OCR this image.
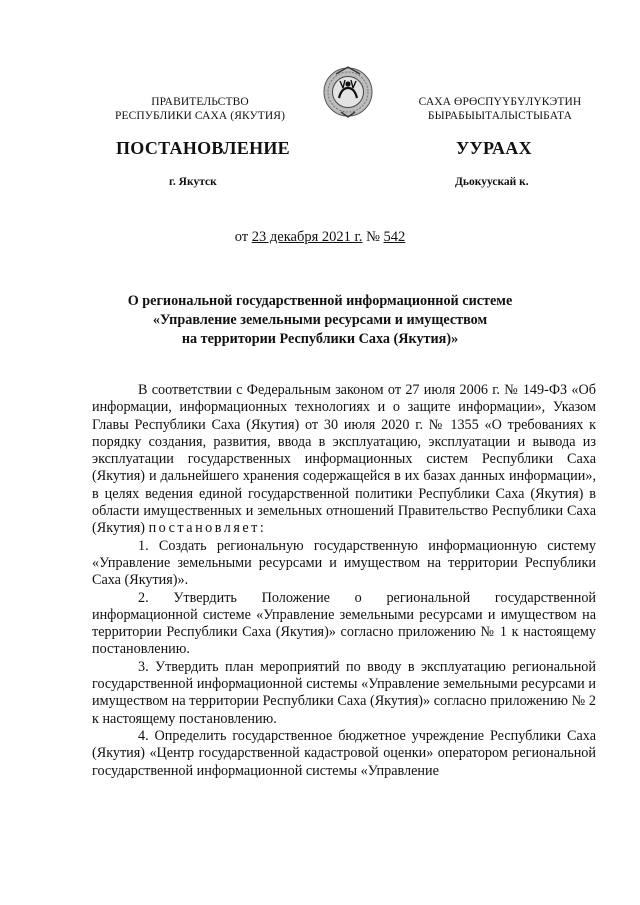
ПРАВИТЕЛЬСТВО
РЕСПУБЛИКИ САХА (ЯКУТИЯ)
САХА ӨРӨСПҮҮБҮЛҮКЭТИН
БЫРАБЫЫТАЛЫСТЫБАТА
ПОСТАНОВЛЕНИЕ	УУРААХ
г. Якутск	Дьокуускай к.
от 23 декабря 2021 г. № 542
О региональной государственной информационной системе
«Управление земельными ресурсами и имуществом
на территории Республики Саха (Якутия)»

В соответствии с Федеральным законом от 27 июля 2006 г. № 149-ФЗ «Об информации, информационных технологиях и о защите информации», Указом Главы Республики Саха (Якутия) от 30 июля 2020 г. № 1355 «О требованиях к порядку создания, развития, ввода в эксплуатацию, эксплуатации и вывода из эксплуатации государственных информационных систем Республики Саха (Якутия) и дальнейшего хранения содержащейся в их базах данных информации», в целях ведения единой государственной политики Республики Саха (Якутия) в области имущественных и земельных отношений Правительство Республики Саха (Якутия) постановляет:

1. Создать региональную государственную информационную систему «Управление земельными ресурсами и имуществом на территории Республики Саха (Якутия)».

2. Утвердить Положение о региональной государственной информационной системе «Управление земельными ресурсами и имуществом на территории Республики Саха (Якутия)» согласно приложению № 1 к настоящему постановлению.

3. Утвердить план мероприятий по вводу в эксплуатацию региональной государственной информационной системы «Управление земельными ресурсами и имуществом на территории Республики Саха (Якутия)» согласно приложению № 2 к настоящему постановлению.

4. Определить государственное бюджетное учреждение Республики Саха (Якутия) «Центр государственной кадастровой оценки» оператором региональной государственной информационной системы «Управление
